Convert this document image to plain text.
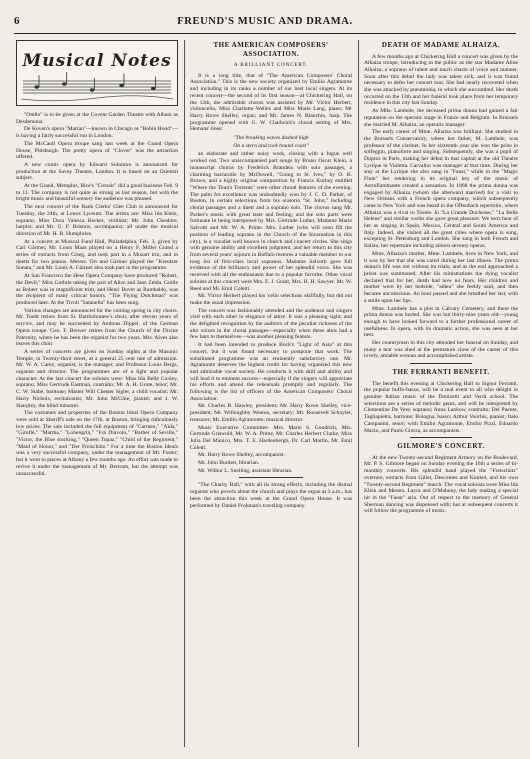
6	FREUND'S MUSIC AND DRAMA.
Musical Notes

"Otello" is to be given at the Covent Garden Theatre with Albani as Desdemona.

De Koven's opera "Marian"—known in Chicago as "Robin Hood"—is having a fairly successful run in London.

The McCaull Opera troupe sang last week at the Grand Opera House, Pittsburgh. The pretty opera of "Clover" was the attraction offered.

A new comic opera by Edward Solomon is announced for production at the Savoy Theatre, London. It is based on an Oriental subject.

At the Grand, Memphis, Rice's "Corsair" did a good business Feb. 9 to 11. The company is not quite as strong as last season, but with the bright music and beautiful scenery the audience was pleased.

The next concert of the Bank Clerks' Glee Club is announced for Tuesday, the 24th, at Lenox Lyceum. The artists are: Miss Ida Klein, soprano; Miss Dora Valesca Becker, violinist; Mr. John Cheshire, harpist; and Mr. G. F. Bristow, accompanist; all under the musical direction of Mr. H. R. Humphries.

At a concert at Musical Fund Hall, Philadelphia, Feb. 3, given by Carl Gärtner, Mr. Louis Maas played on a Henry F. Miller Grand a series of extracts from Grieg, and took part in a Mozart trio, and in duetts for two pianos. Messrs. Orr and Gärtner played the "Kreutzer Sonata," and Mr. Louis A. Gärtner also took part in the programme.

At San Francisco the Hess Opera Company have produced "Robert, the Devil," Miss Guthrie taking the part of Alice and Jane Zelda. Guille as Robert was in magnificent trim, and Henri Bovet as Rambaldo, was the recipient of many critical honors. "The Flying Dutchman" was produced later. At the Tivoli "Satanella" has been sung.

Various changes are announced for the coming spring in city choirs. Mr. Toedt retires from St. Bartholomew's choir, after eleven years of service, and may be succeeded by Andreas Dippel, of the German Opera troupe. Geo. F. Brewer retires from the Church of the Divine Paternity, where he has been the organist for two years. Mrs. Alves also leaves this choir.

A series of concerts are given on Sunday nights at the Masonic Temple, in Twenty-third street, at a general 25 cent rate of admission. Mr. W. A. Carey, organist, is the manager, and Professor Louis Bergs, organist and director. The programmes are of a light and popular character. At the last concert the soloists were: Miss Ida Belle Cooley, soprano; Miss Gertrude Eastman, contralto; Mr. A. H. Grote, tenor; Mr. C. W. Stabe, baritone; Master Will Chester Sigler, a child vocalist; Mr. Harry Nichols, recitationist; Mr. John McGhie, pianist; and J. W. Sharpley, the blind minstrel.

The costumes and properties of the Boston Ideal Opera Company were sold at Sheriff's sale on the 17th, at Boston, bringing ridiculously low prices. The sale included the full equipment of "Carmen," "Aïda," "Giroflé," "Martha," "Lohengrin," "Fra Diavolo," "Barber of Seville," "Victor, the Blue stocking," "Queen Topaz," "Child of the Regiment," "Maid of Honor," and "Der Freischütz." For a time the Boston Ideals was a very successful company, under the management of Mr. Foster; but it went to pieces at Albany a few months ago. An effort was made to revive it under the management of Mr. Bertram, but the attempt was unsuccessful.

THE AMERICAN COMPOSERS' ASSOCIATION.
A BRILLIANT CONCERT.

It is a long title, that of "The American Composers' Choral Association." This is the new society organized by Emilio Agramonte and including in its ranks a number of our best local singers. At its recent concert—the second of its first season—at Chickering Hall, on the 12th, the admirable chorus was assisted by Mr. Victor Herbert, violoncello, Miss Charlotte Welles and Miss Marie Lang, piano; Mr Harry Rowe Shelley, organ; and Mr. James N. Blanchin, harp. The programme opened with G. W. Chadwick's choral setting of Mrs. Hemans' lines:

"The breaking waves dashed high

On a stern and rock bound coast"

an elaborate and rather noisy work, closing with a fugue well worked out. Two unaccompanied part songs by Bruno Oscar Klein, a manuscript chorus by Frederick Brandeis with solo passages, a charming barcarolle by McDowell, "Going to St. Ives," by O. B. Brown, and a highly original composition by Francis Korbay entitled "Where the Titan's Torrents" were other choral features of the evening. The palm for excellence was undoubtedly won by J. C. D. Parker, of Boston, in certain selections from his oratorio "St. John," including choral passages and a duett and a soprano solo. The chorus sang Mr. Parker's music with great taste and feeling; and the solo parts were fortunate in being interpreted by Mrs. Gertrude Luther, Madame Marie Salvotti and Mr. W. A. Prime. Mrs. Luther (who will soon fill the position of leading soprano in the Church of the Incarnation in this city), is a vocalist well known in church and concert circles. She sings with genuine ability and excellent judgment, and her return to this city from several years' sojourn in Buffalo restores a valuable member to our long list of first-class local sopranos. Madame Salvotti gave full evidence of the brilliancy and power of her splendid voice. She was received with all the enthusiasm due to a popular favorite. Other vocal soloists at this concert were Mrs. E. J. Grant, Mrs. H. H. Sawyer, Mr. W. Reed and Mr. Emil Coletti.

Mr. Victor Herbert played his 'cello selections skillfully, but did not make the usual impression.

The concert was fashionably attended and the audience and singers vied with each other in elegance of attire. It was a pleasing sight; and the delighted recognition by the auditors of the peculiar richness of the alto voices in the choral passages—especially when these altos had a few bars to themselves—was another pleasing feature.

It had been intended to produce Buck's "Light of Asia" at this concert, but it was found necessary to postpone that work. The substituted programme was an eminently satisfactory one. Mr. Agramonte deserves the highest credit for having organized this new and admirable vocal society. He conducts it with skill and ability and will lead it to eminent success—especially if the singers will appreciate his efforts and attend the rehearsals promptly and regularly. The following is the list of officers of the American Composers' Choral Association:

Mr. Charles B. Hawley, president; Mr. Harry Rowe Shelley, vice-president; Mr. Willoughby Weston, secretary; Mr. Roosevelt Schuyler, treasurer; Mr. Emilio Agramonte, musical director.

Music Executive Committee: Mrs. Marie S. Goodrich, Mrs. Gertrude Griswold, Mr. W. A. Prime, Mr. Charles Herbert Clarke, Miss Julia Del Manico, Mrs. T. E. Hardenbergh, Dr. Carl Martin, Mr. Emil Coletti.

Mr. Harry Rowe Shelley, accompanist.

Mr. John Burdett, librarian.

Mr. Wilbur L. Snelling, assistant librarian.

"The Charity Ball," with all its strong effects, including the dismal organist who prowls about the church and plays the organ at 3 a.m., has been the attraction this week at the Grand Opera House. It was performed by Daniel Frohman's traveling company.

DEATH OF MADAME ALHAIZA.

A few months ago at Chickering Hall a concert was given by the Alhaiza troupe, introducing to the public as the star Madame Aline Alhaiza, a soprano of talent and much charm of voice and manner. Soon after this debut the lady was taken sick, and it was found necessary to defer her concert tour. She had nearly recovered when she was attacked by pneumonia, to which she succumbed. Her death occurred on the 13th and her funeral took place from her temporary residence in this city last Sunday.

As Mlle. Lambele, the deceased prima donna had gained a fair reputation on the operatic stage in France and Belgium. In Brussels she married M. Alhaiza, an operatic manager.

The early career of Mme. Alhaiza was brilliant. She studied in the Brussels Conservatory, where her father, M. Lambele, was professor of the clarinet. In her sixteenth year she won the prize in solfeggio, pianoforte and singing. Subsequently, she was a pupil of Duprez in Paris, making her début in that capital at the old Theatre Lyrique in Violetta. Carvalho was manager at that time. During her stay at the Lyrique she also sang in "Faust," while in the "Magic Flute" her rendering in its original key of the music of Astrofiammante created a sensation. In 1868 the prima donna was engaged by Alhaiza (whom she afterward married) for a visit to New Orleans with a French opera company, which subsequently came to New York and was heard in the Offenbach repertoire, where Alhaiza was a rival to Tostée. In "La Grande Duchesse," "La Belle Helene" and similar works she gave great pleasure. We next hear of her as singing in Spain, Mexico, Central and South America and Italy. Indeed, she visited all the great cities where opera is sung, excepting St. Petersburg and London. She sang in both French and Italian, her repertoire including almost seventy operas.

Mme. Alhaiza's mother, Mme. Lambele, lives in New York, and it was by her that she was cared during her last illness. The prima donna's life was not without its trials; and as the end approached a priest was summoned. After his ministrations the dying vocalist declared that for her, death had now no fears. Her children and mother were by her bedside; "adieu" she feebly said, and then became unconscious. An hour passed and she breathed her last, with a smile upon her lips.

Mme. Lambele has a plot in Calvary Cemetery, and there the prima donna was buried. She was but thirty-nine years old—young enough to have looked forward to a further professional career of usefulness. In opera, with its dramatic action, she was seen at her best.

Her countrymen in this city attended her funeral on Sunday, and many a tear was shed at the premature close of the career of this lovely, amiable woman and accomplished artiste.

THE FERRANTI BENEFIT.

The benefit this evening at Chickering Hall to Signor Ferranti, the popular buffo-basso, will be a real event to all who delight in genuine Italian music of the Donizetti and Verdi school. The selections are a series of melodic gems, and will be interpreted by Clementine De Vere, soprano; Anna Lankow, contralto; Del Puente, Tagliapietra, baritone; Bologna, basso; Arthur Voorhis, pianist; Italo Campanini, tenor; with Emilio Agramonte, Emilio Pizzi, Edoardo Marzo, and Paolo Giorza, as accompanists.

GILMORE'S CONCERT.

At the new Twenty-second Regiment Armory on the Boulevard, Mr. P. S. Gilmore began on Sunday evening the 16th a series of bi-monthly concerts. His splendid band played the "Freischütz" overture, extracts from Gillet, Descomes and Kunkel, and his own "Twenty-second Regiment" march. The vocal soloists were Miss Ida Klein and Messrs. Layra and O'Mahony, the lady making a special hit in the "Faust" aria. Out of respect to the memory of General Sherman dancing was dispensed with; but at subsequent concerts it will follow the programme of music.
